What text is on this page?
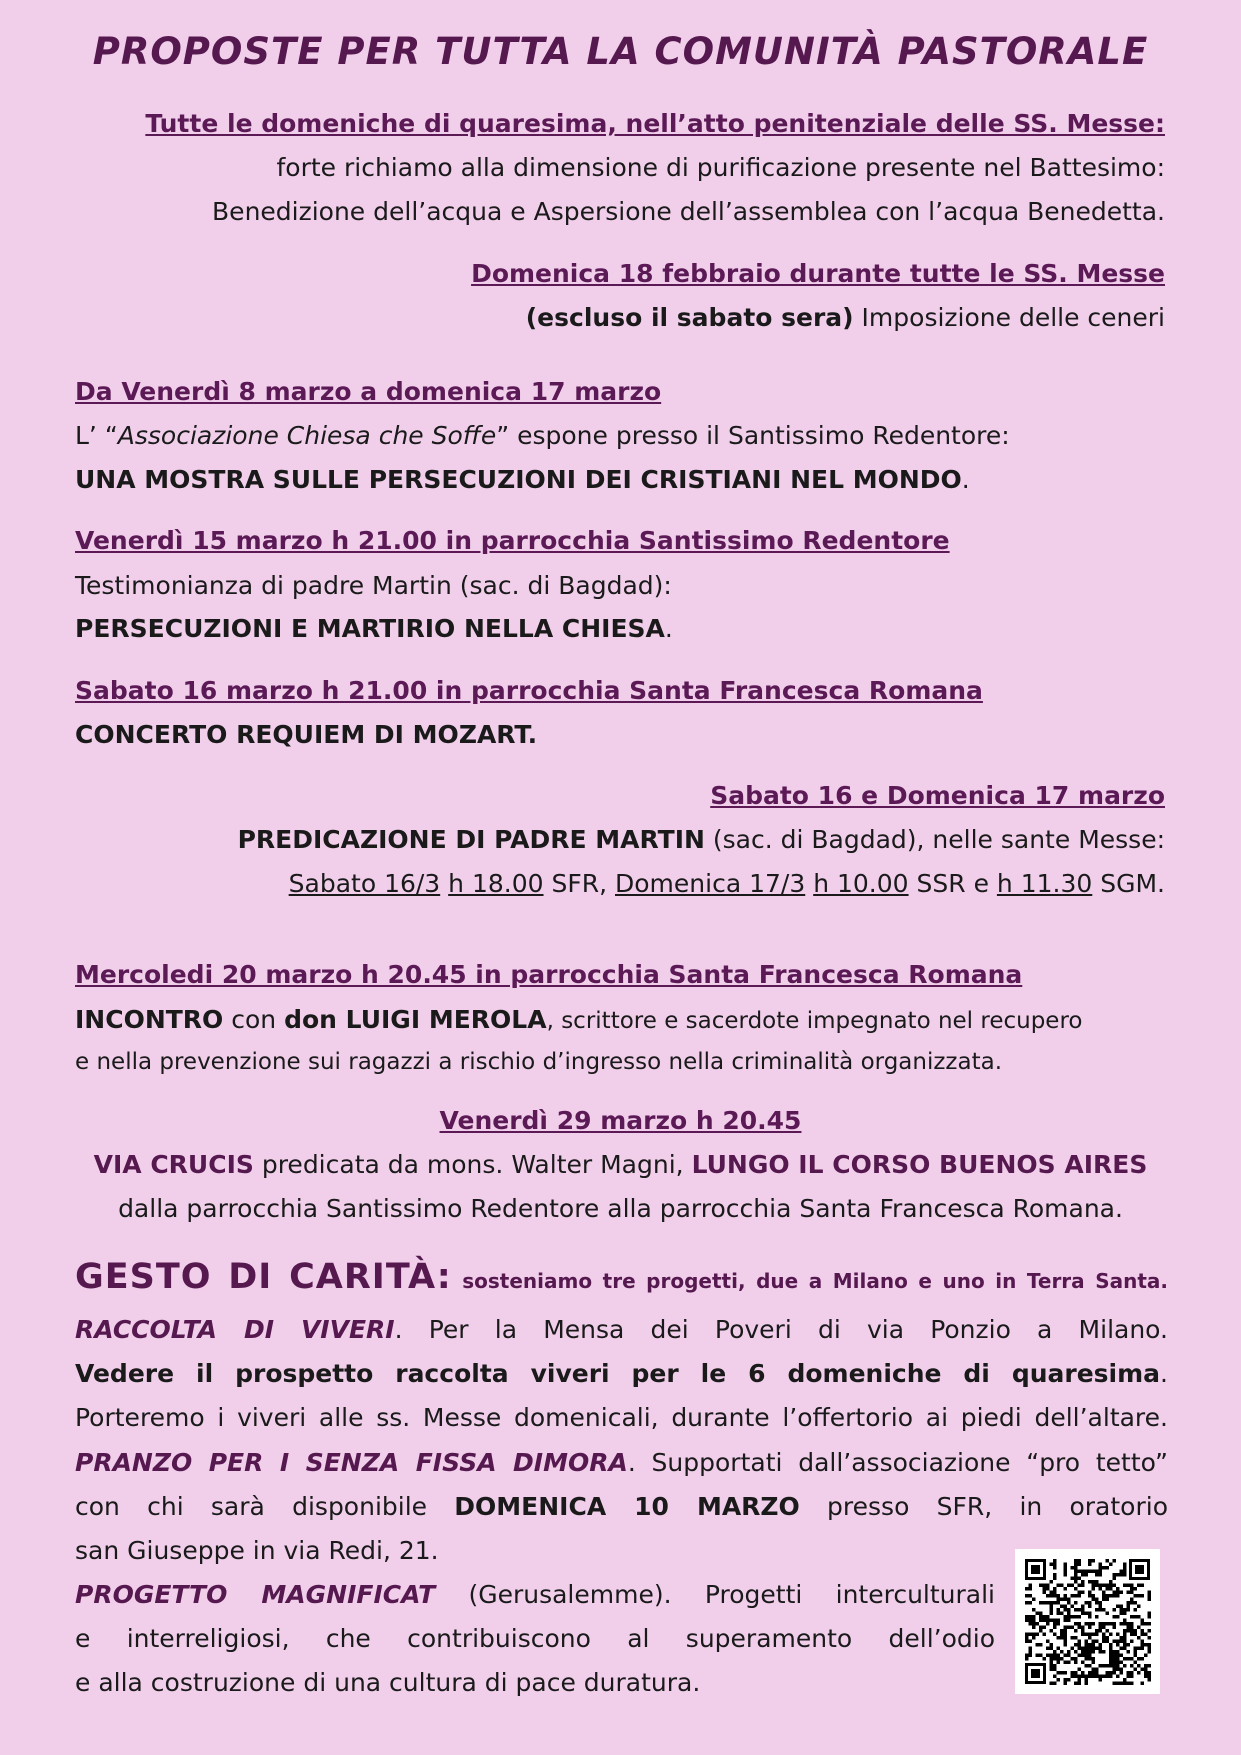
PROPOSTE PER TUTTA LA COMUNITÀ PASTORALE
Tutte le domeniche di quaresima, nell’atto penitenziale delle SS. Messe:
forte richiamo alla dimensione di purificazione presente nel Battesimo:
Benedizione dell’acqua e Aspersione dell’assemblea con l’acqua Benedetta.
Domenica 18 febbraio durante tutte le SS. Messe
(escluso il sabato sera) Imposizione delle ceneri
Da Venerdì 8 marzo a domenica 17 marzo
L’ “Associazione Chiesa che Soffe” espone presso il Santissimo Redentore:
UNA MOSTRA SULLE PERSECUZIONI DEI CRISTIANI NEL MONDO.
Venerdì 15 marzo h 21.00 in parrocchia Santissimo Redentore
Testimonianza di padre Martin (sac. di Bagdad):
PERSECUZIONI E MARTIRIO NELLA CHIESA.
Sabato 16 marzo h 21.00 in parrocchia Santa Francesca Romana
CONCERTO REQUIEM DI MOZART.
Sabato 16 e Domenica 17 marzo
PREDICAZIONE DI PADRE MARTIN (sac. di Bagdad), nelle sante Messe:
Sabato 16/3 h 18.00 SFR, Domenica 17/3 h 10.00 SSR e h 11.30 SGM.
Mercoledi 20 marzo h 20.45 in parrocchia Santa Francesca Romana
INCONTRO con don LUIGI MEROLA, scrittore e sacerdote impegnato nel recupero
e nella prevenzione sui ragazzi a rischio d’ingresso nella criminalità organizzata.
Venerdì 29 marzo h 20.45
VIA CRUCIS predicata da mons. Walter Magni, LUNGO IL CORSO BUENOS AIRES
dalla parrocchia Santissimo Redentore alla parrocchia Santa Francesca Romana.
GESTO DI CARITÀ: sosteniamo tre progetti, due a Milano e uno in Terra Santa.
RACCOLTA DI VIVERI. Per la Mensa dei Poveri di via Ponzio a Milano.
Vedere il prospetto raccolta viveri per le 6 domeniche di quaresima.
Porteremo i viveri alle ss. Messe domenicali, durante l’offertorio ai piedi dell’altare.
PRANZO PER I SENZA FISSA DIMORA. Supportati dall’associazione “pro tetto”
con chi sarà disponibile DOMENICA 10 MARZO presso SFR, in oratorio
san Giuseppe in via Redi, 21.
PROGETTO MAGNIFICAT (Gerusalemme). Progetti interculturali
e interreligiosi, che contribuiscono al superamento dell’odio
e alla costruzione di una cultura di pace duratura.
